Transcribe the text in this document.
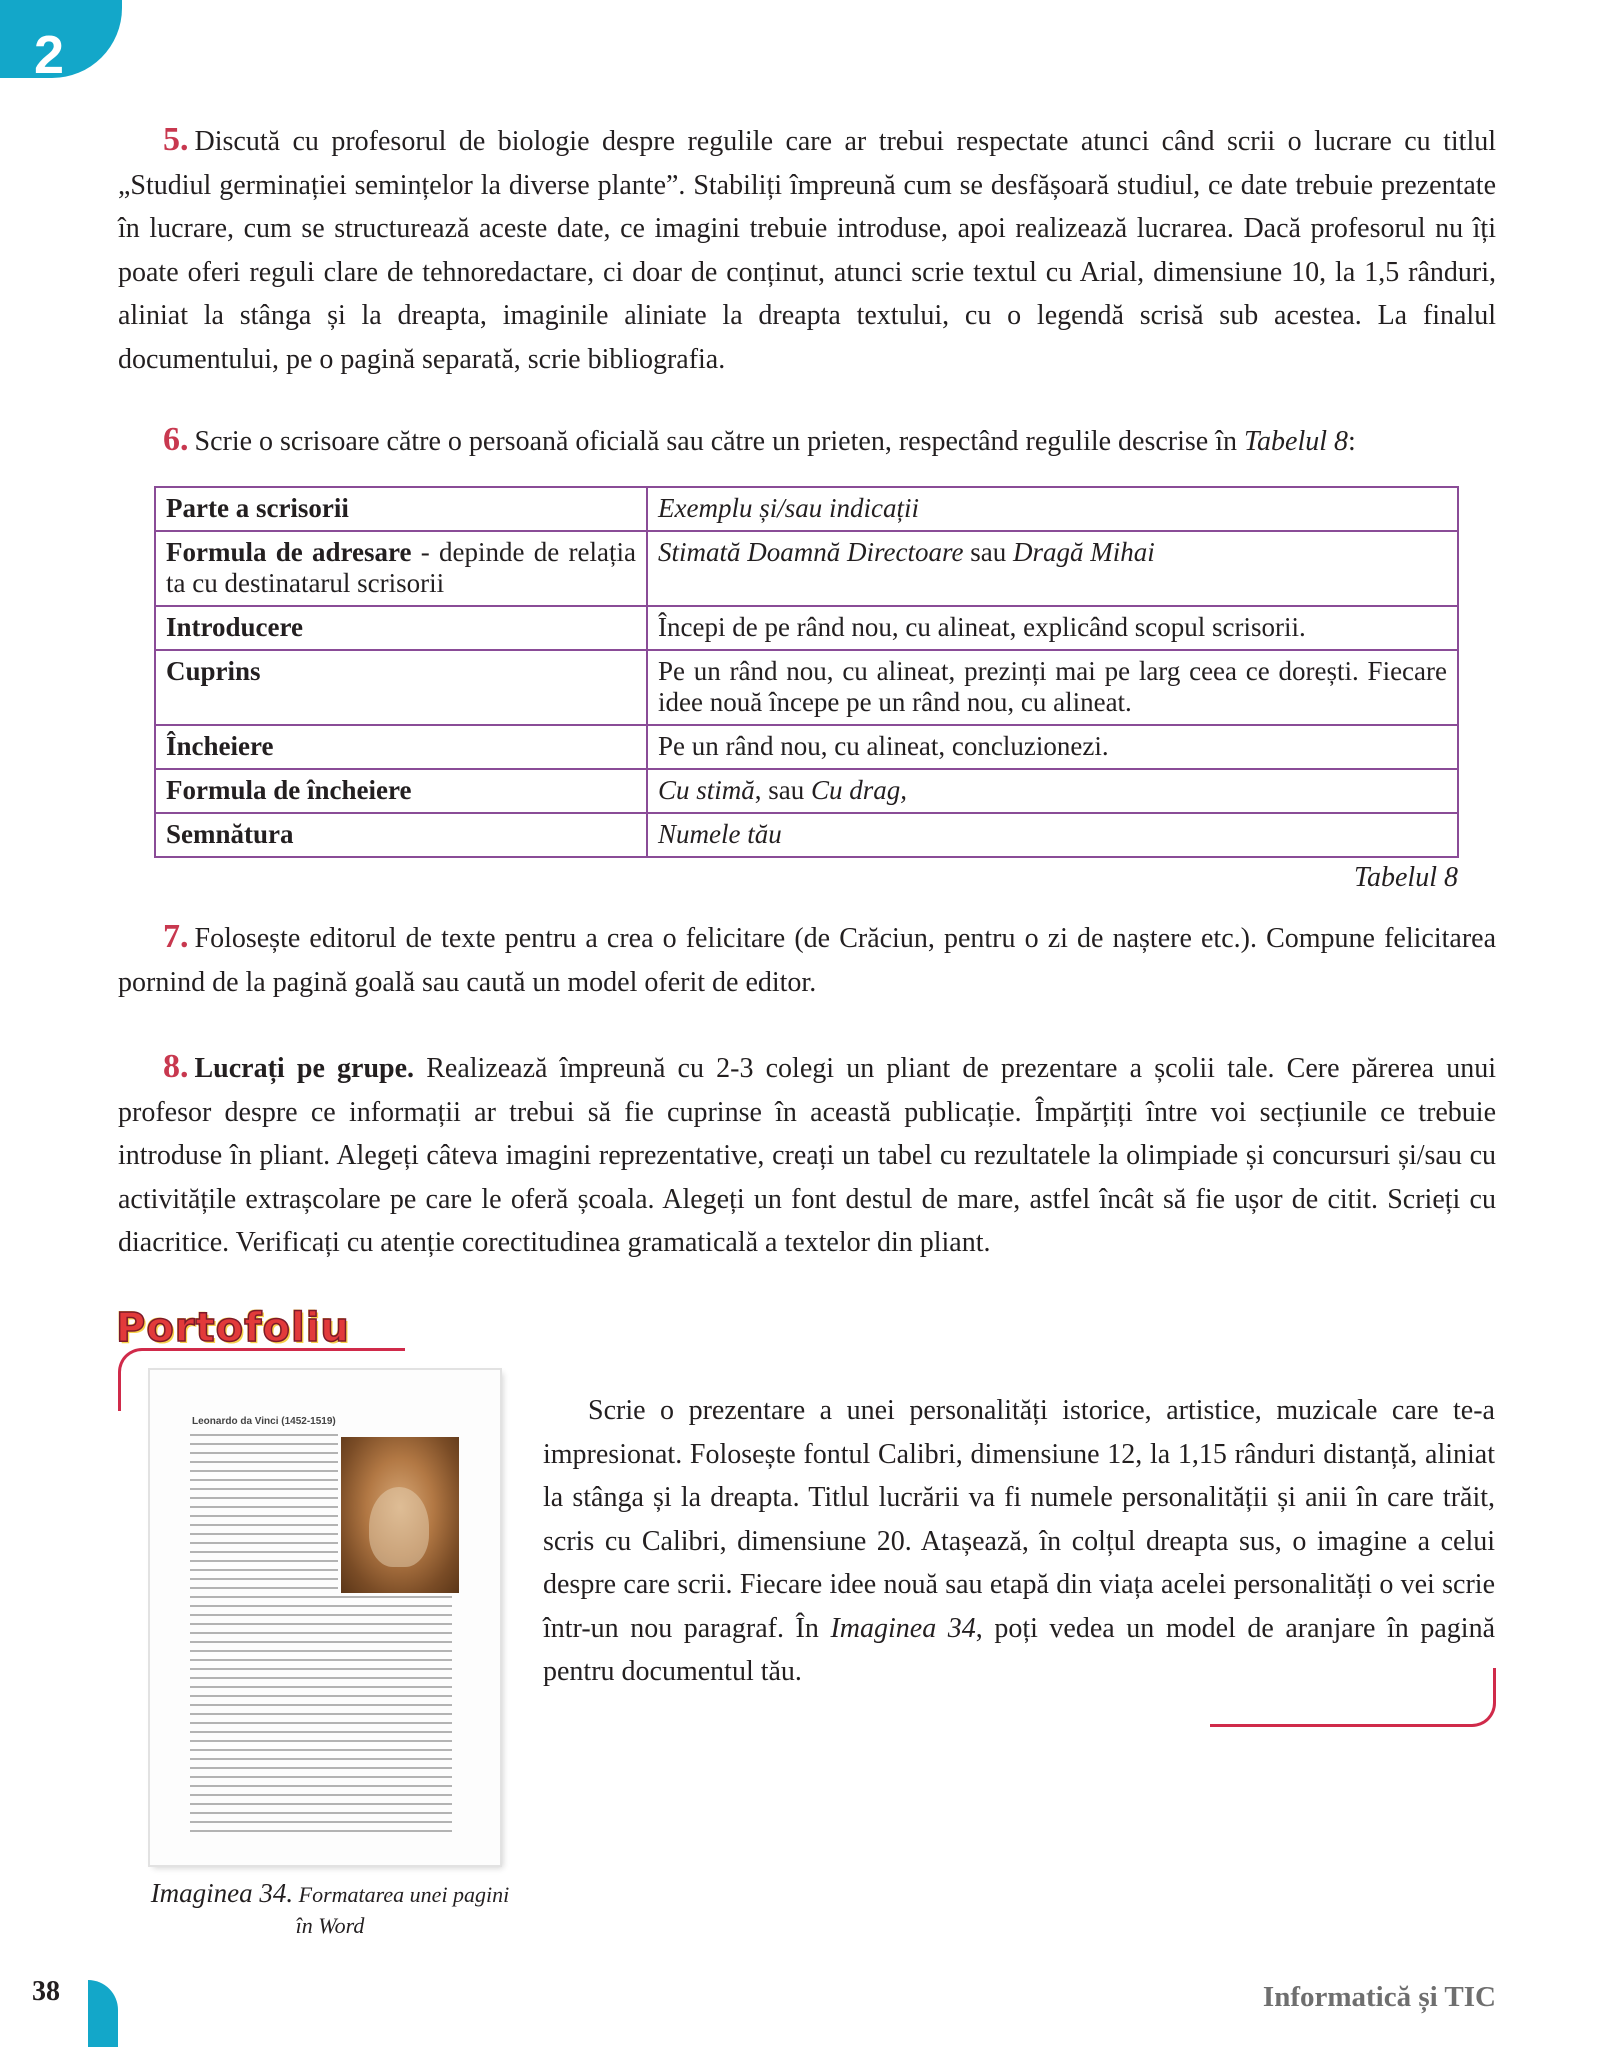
2
5. Discută cu profesorul de biologie despre regulile care ar trebui respectate atunci când scrii o lucrare cu titlul „Studiul germinației semințelor la diverse plante”. Stabiliți împreună cum se desfășoară studiul, ce date trebuie prezentate în lucrare, cum se structurează aceste date, ce imagini trebuie introduse, apoi realizează lucrarea. Dacă profesorul nu îți poate oferi reguli clare de tehnoredactare, ci doar de conținut, atunci scrie textul cu Arial, dimensiune 10, la 1,5 rânduri, aliniat la stânga și la dreapta, imaginile aliniate la dreapta textului, cu o legendă scrisă sub acestea. La finalul documentului, pe o pagină separată, scrie bibliografia.
6. Scrie o scrisoare către o persoană oficială sau către un prieten, respectând regulile descrise în Tabelul 8:
Parte a scrisorii	Exemplu și/sau indicații
Formula de adresare - depinde de relația ta cu destinatarul scrisorii	Stimată Doamnă Directoare sau Dragă Mihai
Introducere	Începi de pe rând nou, cu alineat, explicând scopul scrisorii.
Cuprins	Pe un rând nou, cu alineat, prezinți mai pe larg ceea ce dorești. Fiecare idee nouă începe pe un rând nou, cu alineat.
Încheiere	Pe un rând nou, cu alineat, concluzionezi.
Formula de încheiere	Cu stimă, sau Cu drag,
Semnătura	Numele tău
Tabelul 8
7. Folosește editorul de texte pentru a crea o felicitare (de Crăciun, pentru o zi de naștere etc.). Compune felicitarea pornind de la pagină goală sau caută un model oferit de editor.
8. Lucrați pe grupe. Realizează împreună cu 2-3 colegi un pliant de prezentare a școlii tale. Cere părerea unui profesor despre ce informații ar trebui să fie cuprinse în această publicație. Împărțiți între voi secțiunile ce trebuie introduse în pliant. Alegeți câteva imagini reprezentative, creați un tabel cu rezultatele la olimpiade și concursuri și/sau cu activitățile extrașcolare pe care le oferă școala. Alegeți un font destul de mare, astfel încât să fie ușor de citit. Scrieți cu diacritice. Verificați cu atenție corectitudinea gramaticală a textelor din pliant.
Portofoliu
Leonardo da Vinci (1452-1519)
Imaginea 34. Formatarea unei pagini în Word
Scrie o prezentare a unei personalități istorice, artistice, muzicale care te-a impresionat. Folosește fontul Calibri, dimensiune 12, la 1,15 rânduri distanță, aliniat la stânga și la dreapta. Titlul lucrării va fi numele personalității și anii în care trăit, scris cu Calibri, dimensiune 20. Atașează, în colțul dreapta sus, o imagine a celui despre care scrii. Fiecare idee nouă sau etapă din viața acelei personalități o vei scrie într-un nou paragraf. În Imaginea 34, poți vedea un model de aranjare în pagină pentru documentul tău.
38	Informatică și TIC
